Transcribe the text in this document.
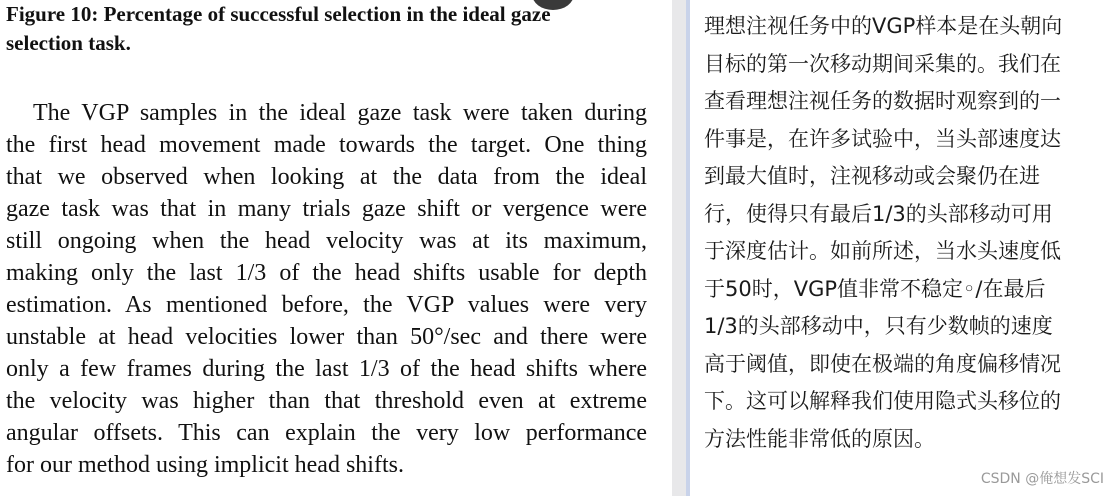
Figure 10: Percentage of successful selection in the ideal gaze
selection task.

The VGP samples in the ideal gaze task were taken during
the first head movement made towards the target. One thing
that we observed when looking at the data from the ideal
gaze task was that in many trials gaze shift or vergence were
still ongoing when the head velocity was at its maximum,
making only the last 1/3 of the head shifts usable for depth
estimation. As mentioned before, the VGP values were very
unstable at head velocities lower than 50°/sec and there were
only a few frames during the last 1/3 of the head shifts where
the velocity was higher than that threshold even at extreme
angular offsets. This can explain the very low performance
for our method using implicit head shifts.
理想注视任务中的VGP样本是在头朝向
目标的第一次移动期间采集的。我们在
查看理想注视任务的数据时观察到的一
件事是，在许多试验中，当头部速度达
到最大值时，注视移动或会聚仍在进
行，使得只有最后1/3的头部移动可用
于深度估计。如前所述，当水头速度低
于50时，VGP值非常不稳定◦/在最后
1/3的头部移动中，只有少数帧的速度
高于阈值，即使在极端的角度偏移情况
下。这可以解释我们使用隐式头移位的
方法性能非常低的原因。
CSDN @俺想发SCI
